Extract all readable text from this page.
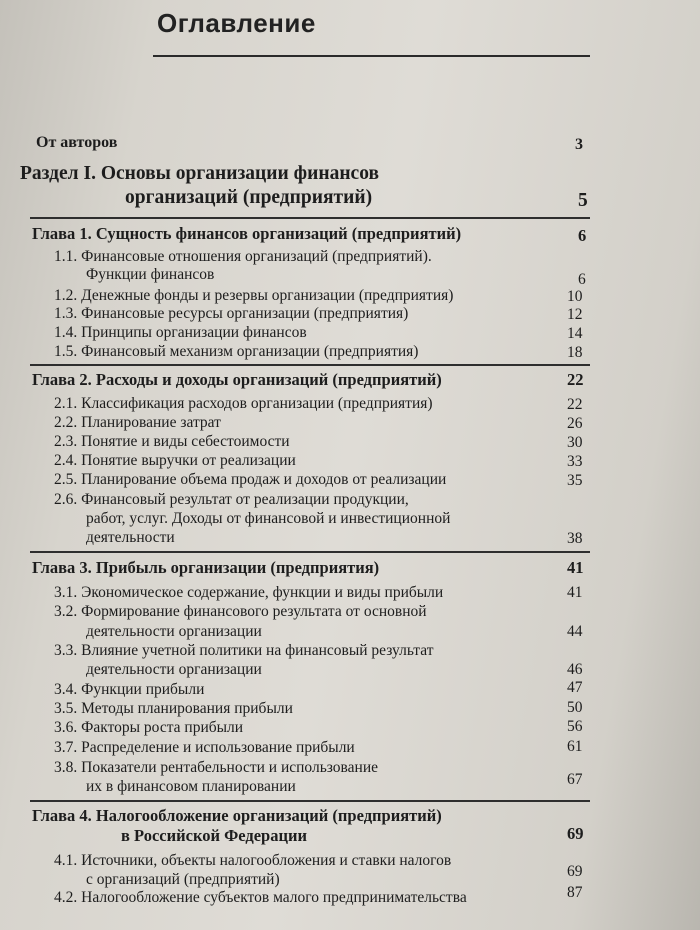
Оглавление
От авторов	3
Раздел I. Основы организации финансов
организаций (предприятий)	5
Глава 1. Сущность финансов организаций (предприятий)	6
1.1. Финансовые отношения организаций (предприятий).
Функции финансов	6
1.2. Денежные фонды и резервы организации (предприятия)	10
1.3. Финансовые ресурсы организации (предприятия)	12
1.4. Принципы организации финансов	14
1.5. Финансовый механизм организации (предприятия)	18
Глава 2. Расходы и доходы организаций (предприятий)	22
2.1. Классификация расходов организации (предприятия)	22
2.2. Планирование затрат	26
2.3. Понятие и виды себестоимости	30
2.4. Понятие выручки от реализации	33
2.5. Планирование объема продаж и доходов от реализации	35
2.6. Финансовый результат от реализации продукции,
работ, услуг. Доходы от финансовой и инвестиционной
деятельности	38
Глава 3. Прибыль организации (предприятия)	41
3.1. Экономическое содержание, функции и виды прибыли	41
3.2. Формирование финансового результата от основной
деятельности организации	44
3.3. Влияние учетной политики на финансовый результат
деятельности организации	46
3.4. Функции прибыли	47
3.5. Методы планирования прибыли	50
3.6. Факторы роста прибыли	56
3.7. Распределение и использование прибыли	61
3.8. Показатели рентабельности и использование
их в финансовом планировании	67
Глава 4. Налогообложение организаций (предприятий)
в Российской Федерации	69
4.1. Источники, объекты налогообложения и ставки налогов
с организаций (предприятий)	69
4.2. Налогообложение субъектов малого предпринимательства	87
